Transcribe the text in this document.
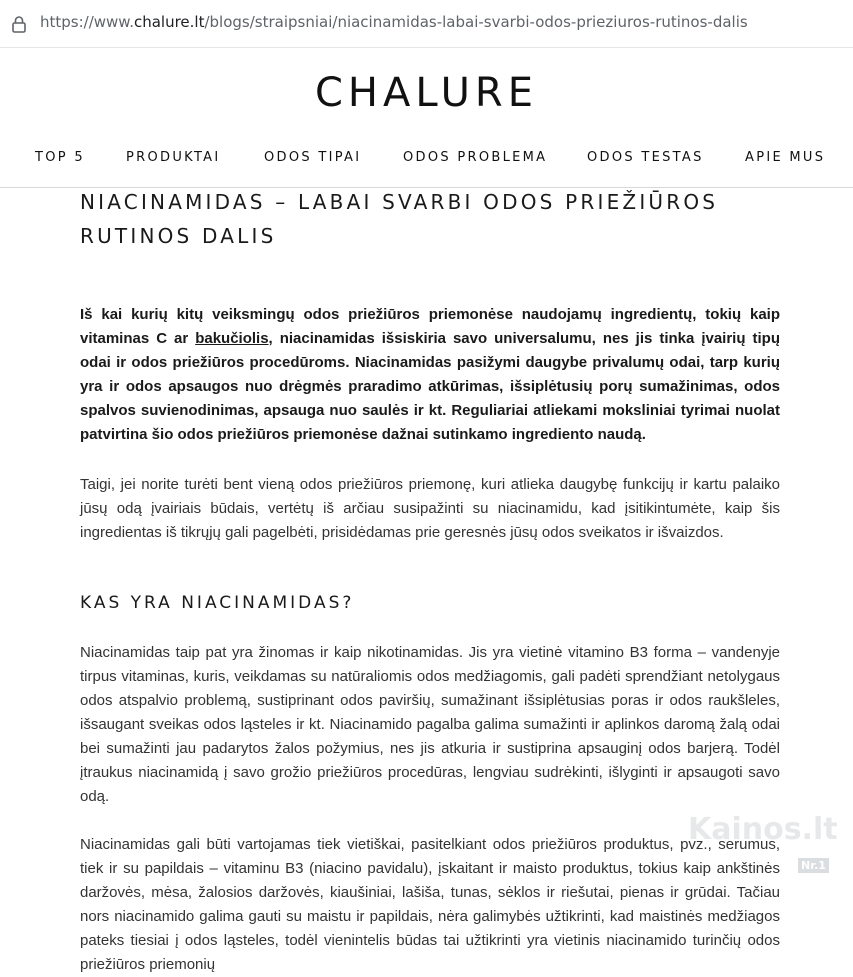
https://www.chalure.lt/blogs/straipsniai/niacinamidas-labai-svarbi-odos-prieziuros-rutinos-dalis
CHALURE
TOP 5	PRODUKTAI	ODOS TIPAI	ODOS PROBLEMA	ODOS TESTAS	APIE MUS
NIACINAMIDAS – LABAI SVARBI ODOS PRIEŽIŪROS RUTINOS DALIS

Iš kai kurių kitų veiksmingų odos priežiūros priemonėse naudojamų ingredientų, tokių kaip vitaminas C ar bakučiolis, niacinamidas išsiskiria savo universalumu, nes jis tinka įvairių tipų odai ir odos priežiūros procedūroms. Niacinamidas pasižymi daugybe privalumų odai, tarp kurių yra ir odos apsaugos nuo drėgmės praradimo atkūrimas, išsiplėtusių porų sumažinimas, odos spalvos suvienodinimas, apsauga nuo saulės ir kt. Reguliariai atliekami moksliniai tyrimai nuolat patvirtina šio odos priežiūros priemonėse dažnai sutinkamo ingrediento naudą.

Taigi, jei norite turėti bent vieną odos priežiūros priemonę, kuri atlieka daugybę funkcijų ir kartu palaiko jūsų odą įvairiais būdais, vertėtų iš arčiau susipažinti su niacinamidu, kad įsitikintumėte, kaip šis ingredientas iš tikrųjų gali pagelbėti, prisidėdamas prie geresnės jūsų odos sveikatos ir išvaizdos.

KAS YRA NIACINAMIDAS?

Niacinamidas taip pat yra žinomas ir kaip nikotinamidas. Jis yra vietinė vitamino B3 forma – vandenyje tirpus vitaminas, kuris, veikdamas su natūraliomis odos medžiagomis, gali padėti sprendžiant netolygaus odos atspalvio problemą, sustiprinant odos paviršių, sumažinant išsiplėtusias poras ir odos raukšleles, išsaugant sveikas odos ląsteles ir kt. Niacinamido pagalba galima sumažinti ir aplinkos daromą žalą odai bei sumažinti jau padarytos žalos požymius, nes jis atkuria ir sustiprina apsauginį odos barjerą. Todėl įtraukus niacinamidą į savo grožio priežiūros procedūras, lengviau sudrėkinti, išlyginti ir apsaugoti savo odą.

Niacinamidas gali būti vartojamas tiek vietiškai, pasitelkiant odos priežiūros produktus, pvz., serumus, tiek ir su papildais – vitaminu B3 (niacino pavidalu), įskaitant ir maisto produktus, tokius kaip ankštinės daržovės, mėsa, žalosios daržovės, kiaušiniai, lašiša, tunas, sėklos ir riešutai, pienas ir grūdai. Tačiau nors niacinamido galima gauti su maistu ir papildais, nėra galimybės užtikrinti, kad maistinės medžiagos pateks tiesiai į odos ląsteles, todėl vienintelis būdas tai užtikrinti yra vietinis niacinamido turinčių odos priežiūros priemonių

Kainos.lt
Nr.1
